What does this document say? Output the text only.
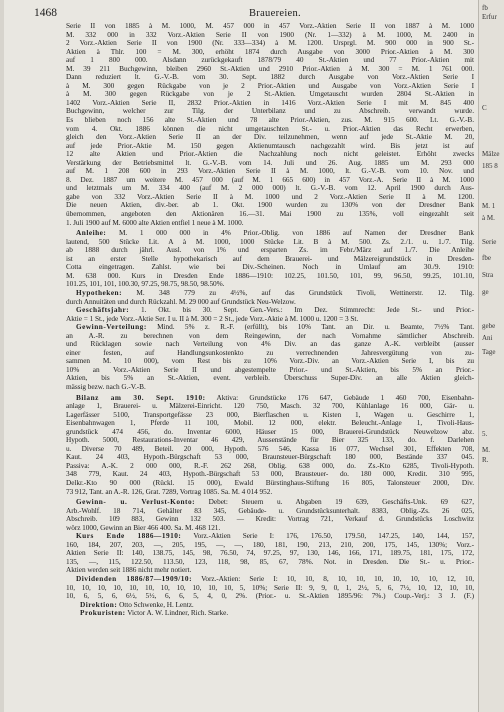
1468	Brauereien.
Serie II von 1885 à M. 1000, M. 457 000 in 457 Vorz.-Aktien Serie II von 1887 à M. 1000
M. 332 000 in 332 Vorz.-Aktien Serie II von 1900 (Nr. 1—332) à M. 1000, M. 2400 in
2 Vorz.-Aktien Serie II von 1900 (Nr. 333—334) à M. 1200. Ursprgl. M. 900 000 in 900 St.-
Aktien à Thlr. 100 = M. 300, erhöht 1874 durch Ausgabe von 3000 Prior.-Aktien à M. 300
auf 1 800 000. Alsdann zurückgekauft 1878/79 40 St.-Aktien und 77 Prior.-Aktien mit
M. 39 211 Buchgewinn, bleiben 2960 St.-Aktien und 2910 Prior.-Aktien à M. 300 = M. 1 761 000.
Dann reduziert lt. G.-V.-B. vom 30. Sept. 1882 durch Ausgabe von Vorz.-Aktien Serie I
à M. 300 gegen Rückgabe von je 2 Prior.-Aktien und Ausgabe von Vorz.-Aktien Serie I
à M. 300 gegen Rückgabe von je 2 St.-Aktien. Umgetauscht wurden 2804 St.-Aktien in
1402 Vorz.-Aktien Serie II, 2832 Prior.-Aktien in 1416 Vorz.-Aktien Serie I mit M. 845 400
Buchgewinn, welcher zur Tilg. der Unterbilanz und zu Abschreib. verwandt wurde.
Es blieben noch 156 alte St.-Aktien und 78 alte Prior.-Aktien, zus. M. 915 600. Lt. G.-V.-B.
vom 4. Okt. 1886 können die nicht umgetauschten St.- u. Prior.-Aktien das Recht erwerben,
gleich den Vorz.-Aktien Serie II an der Div. teilzunehmen, wenn auf jede St.-Aktie M. 20,
auf jede Prior.-Aktie M. 150 gegen Aktienumtausch nachgezahlt wird. Bis jetzt ist auf
12 alte Aktien und Prior.-Aktien die Nachzahlung noch nicht geleistet. Erhöht zwecks
Verstärkung der Betriebsmittel lt. G.-V.-B. vom 14. Juli und 26. Aug. 1885 um M. 293 000
auf M. 1 208 600 in 293 Vorz.-Aktien Serie II à M. 1000, lt. G.-V.-B. vom 10. Nov. und
8. Dez. 1887 um weitere M. 457 000 (auf M. 1 665 600) in 457 Vorz.-A. Serie II à M. 1000
und letztmals um M. 334 400 (auf M. 2 000 000) lt. G.-V.-B. vom 12. April 1900 durch Aus-
gabe von 332 Vorz.-Aktien Serie II à M. 1000 und 2 Vorz.-Aktien Serie II à M. 1200.
Die neuen Aktien, div.-ber. ab 1. Okt. 1900 wurden zu 130% von der Dresdner Bank
übernommen, angeboten den Aktionären 16.—31. Mai 1900 zu 135%, voll eingezahlt seit
1. Juli 1900 auf M. 6000 alte Aktien entfiel 1 neue à M. 1000.
Anleihe: M. 1 000 000 in 4% Prior.-Oblig. von 1886 auf Namen der Dresdner Bank
lautend, 500 Stücke Lit. A à M. 1000, 1000 Stücke Lit. B à M. 500. Zs. 2./1. u. 1./7. Tilg.
ab 1888 durch jährl. Ausl. von 1% und ersparten Zs. im Febr./März auf 1./7. Die Anleihe
ist an erster Stelle hypothekarisch auf dem Brauerei- und Mälzereigrundstück in Dresden-
Cotta eingetragen. Zahlst. wie bei Div.-Scheinen. Noch in Umlauf am 30./9. 1910:
M. 638 000. Kurs in Dresden Ende 1886—1910: 102.25, 101.50, 101, 99, 96.50, 99.25, 101.10,
101.25, 101, 101, 100.30, 97.25, 98.75, 98.50, 98.50%.
Hypotheken: M. 348 779 zu 4½%, auf das Grundstück Tivoli, Wettinerstr. 12. Tilg.
durch Annuitäten und durch Rückzahl. M. 29 000 auf Grundstück Neu-Welzow.
Geschäftsjahr: 1. Okt. bis 30. Sept. Gen.-Vers.: Im Dez. Stimmrecht: Jede St.- und Prior.-
Aktie = 1 St., jede Vorz.-Aktie Ser. I u. II à M. 300 = 2 St., jede Vorz.-Aktie à M. 1000 u. 1200 = 3 St.
Gewinn-Verteilung: Mind. 5% z. R.-F. (erfüllt), bis 10% Tant. an Dir. u. Beamte, 7½% Tant.
an A.-R. zu berechnen von dem Reingewinn, der nach Vornahme sämtlicher Abschreib.
und Rücklagen sowie nach Verteilung von 4% Div. an das ganze A.-K. verbleibt (ausser
einer festen, auf Handlungsunkostenkto zu verrechnenden Jahresvergütung von zu-
sammen M. 10 000), vom Rest bis zu 10% Vorz.-Div. an Vorz.-Aktien Serie I, bis zu
10% an Vorz.-Aktien Serie II und abgestempelte Prior.- und St.-Aktien, bis 5% an Prior.-
Aktien, bis 5% an St.-Aktien, event. verbleib. Überschuss Super-Div. an alle Aktien gleich-
mässig bezw. nach G.-V.-B.
Bilanz am 30. Sept. 1910: Aktiva: Grundstücke 176 647, Gebäude 1 460 700, Eisenbahn-
anlage 1, Brauerei- u. Mälzerei-Einricht. 120 750, Masch. 32 700, Kühlanlage 16 000, Gär- u.
Lagerfässer 5100, Transportgefässe 23 000, Bierflaschen u. Kisten 1, Wagen u. Geschirre 1,
Eisenbahnwagen 1, Pferde 11 100, Mobil. 12 000, elektr. Beleucht.-Anlage 1, Tivoli-Haus-
grundstück 474 456, do. Inventar 6000, Häuser 15 000, Brauerei-Grundstück Neuwelzow abz.
Hypoth. 5000, Restaurations-Inventar 46 429, Aussenstände für Bier 325 133, do. f. Darlehen
u. Diverse 70 489, Beteil. 20 000, Hypoth. 576 546, Kassa 16 077, Wechsel 301, Effekten 708,
Kaut. 24 403, Hypoth.-Bürgschaft 53 000, Braunsteuer-Bürgschaft 180 000, Bestände 337 045.
Passiva: A.-K. 2 000 000, R.-F. 262 268, Oblig. 638 000, do. Zs.-Kto 6285, Tivoli-Hypoth.
348 779, Kaut. 24 403, Hypoth.-Bürgschaft 53 000, Brausteuer- do. 180 000, Kredit. 310 995,
Delkr.-Kto 90 000 (Rückl. 15 000), Ewald Bürstinghaus-Stiftung 16 805, Talonsteuer 2000, Div.
73 912, Tant. an A.-R. 126, Grat. 7289, Vortrag 1085. Sa. M. 4 014 952.
Gewinn- u. Verlust-Konto: Debet: Steuern u. Abgaben 19 639, Geschäfts-Unk. 69 627,
Arb.-Wohlf. 18 714, Gehälter 83 345, Gebäude- u. Grundstücksunterhalt. 8383, Oblig.-Zs. 26 025,
Abschreib. 109 883, Gewinn 132 503. — Kredit: Vortrag 721, Verkauf d. Grundstücks Loschwitz
wörz 1000, Gewinn an Bier 466 400. Sa. M. 468 121.
Kurs Ende 1886—1910: Vorz.-Aktien Serie I: 176, 176.50, 179.50, 147.25, 140, 144, 157,
160, 184, 207, 203, —, 205, 195, —, —, 180, 181, 190, 213, 210, 200, 175, 145, 130%; Vorz.-
Aktien Serie II: 140, 138.75, 145, 98, 76.50, 74, 97.25, 97, 130, 146, 166, 171, 189.75, 181, 175, 172,
135, —, 115, 122.50, 113.50, 123, 118, 98, 85, 67, 78%. Not. in Dresden. Die St.- u. Prior.-
Aktien werden seit 1886 nicht mehr notiert.
Dividenden 1886/87—1909/10: Vorz.-Aktien: Serie I: 10, 10, 8, 10, 10, 10, 10, 10, 10, 12, 10,
10, 10, 10, 10, 10, 10, 10, 10, 10, 10, 10, 5, 10%; Serie II: 9, 9, 0, 1, 2½, 5, 6, 7½, 10, 12, 10, 10,
10, 6, 5, 6, 6½, 5½, 6, 6, 5, 4, 0, 2%. (Prior.- u. St.-Aktien 1895/96: 7%.) Coup.-Verj.: 3 J. (F.)
Direktion: Otto Schwenke, H. Lentz.
Prokuristen: Victor A. W. Lindner, Rich. Starke.
fb
Erfur
C
Mälze
185 8
M. 1
à M.
Serie
fbe
Stra
ge
gebe
Ani
Tage
5.
M.
R.
